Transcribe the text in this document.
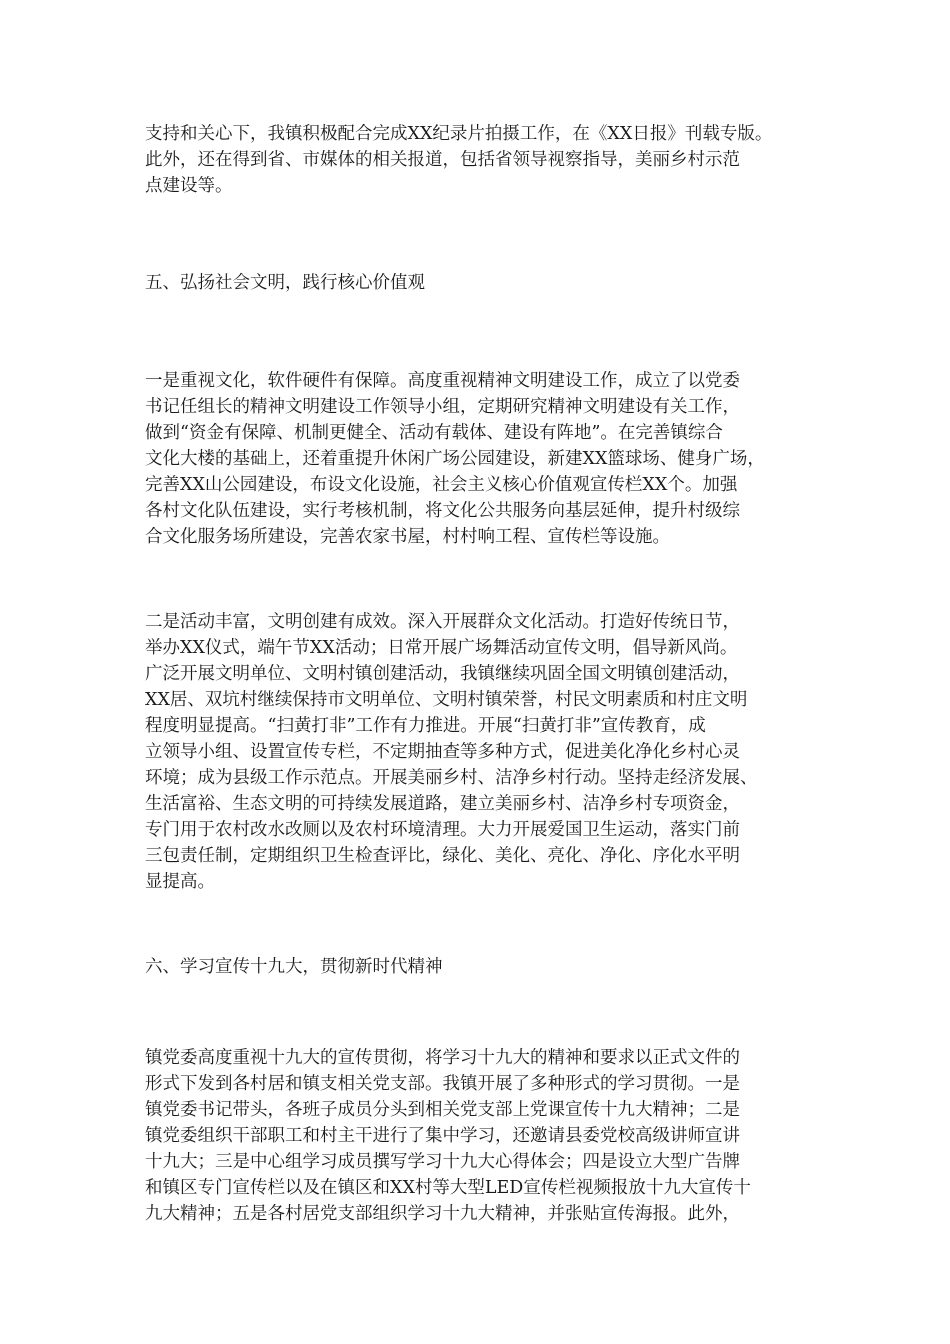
支持和关心下，我镇积极配合完成XX纪录片拍摄工作，在《XX日报》刊载专版。
此外，还在得到省、市媒体的相关报道，包括省领导视察指导，美丽乡村示范
点建设等。
五、弘扬社会文明，践行核心价值观
一是重视文化，软件硬件有保障。高度重视精神文明建设工作，成立了以党委
书记任组长的精神文明建设工作领导小组，定期研究精神文明建设有关工作，
做到“资金有保障、机制更健全、活动有载体、建设有阵地”。在完善镇综合
文化大楼的基础上，还着重提升休闲广场公园建设，新建XX篮球场、健身广场，
完善XX山公园建设，布设文化设施，社会主义核心价值观宣传栏XX个。加强
各村文化队伍建设，实行考核机制，将文化公共服务向基层延伸，提升村级综
合文化服务场所建设，完善农家书屋，村村响工程、宣传栏等设施。
二是活动丰富，文明创建有成效。深入开展群众文化活动。打造好传统日节，
举办XX仪式，端午节XX活动；日常开展广场舞活动宣传文明，倡导新风尚。
广泛开展文明单位、文明村镇创建活动，我镇继续巩固全国文明镇创建活动，
XX居、双坑村继续保持市文明单位、文明村镇荣誉，村民文明素质和村庄文明
程度明显提高。“扫黄打非”工作有力推进。开展“扫黄打非”宣传教育，成
立领导小组、设置宣传专栏，不定期抽查等多种方式，促进美化净化乡村心灵
环境；成为县级工作示范点。开展美丽乡村、洁净乡村行动。坚持走经济发展、
生活富裕、生态文明的可持续发展道路，建立美丽乡村、洁净乡村专项资金，
专门用于农村改水改厕以及农村环境清理。大力开展爱国卫生运动，落实门前
三包责任制，定期组织卫生检查评比，绿化、美化、亮化、净化、序化水平明
显提高。
六、学习宣传十九大，贯彻新时代精神
镇党委高度重视十九大的宣传贯彻，将学习十九大的精神和要求以正式文件的
形式下发到各村居和镇支相关党支部。我镇开展了多种形式的学习贯彻。一是
镇党委书记带头，各班子成员分头到相关党支部上党课宣传十九大精神；二是
镇党委组织干部职工和村主干进行了集中学习，还邀请县委党校高级讲师宣讲
十九大；三是中心组学习成员撰写学习十九大心得体会；四是设立大型广告牌
和镇区专门宣传栏以及在镇区和XX村等大型LED宣传栏视频报放十九大宣传十
九大精神；五是各村居党支部组织学习十九大精神，并张贴宣传海报。此外，
